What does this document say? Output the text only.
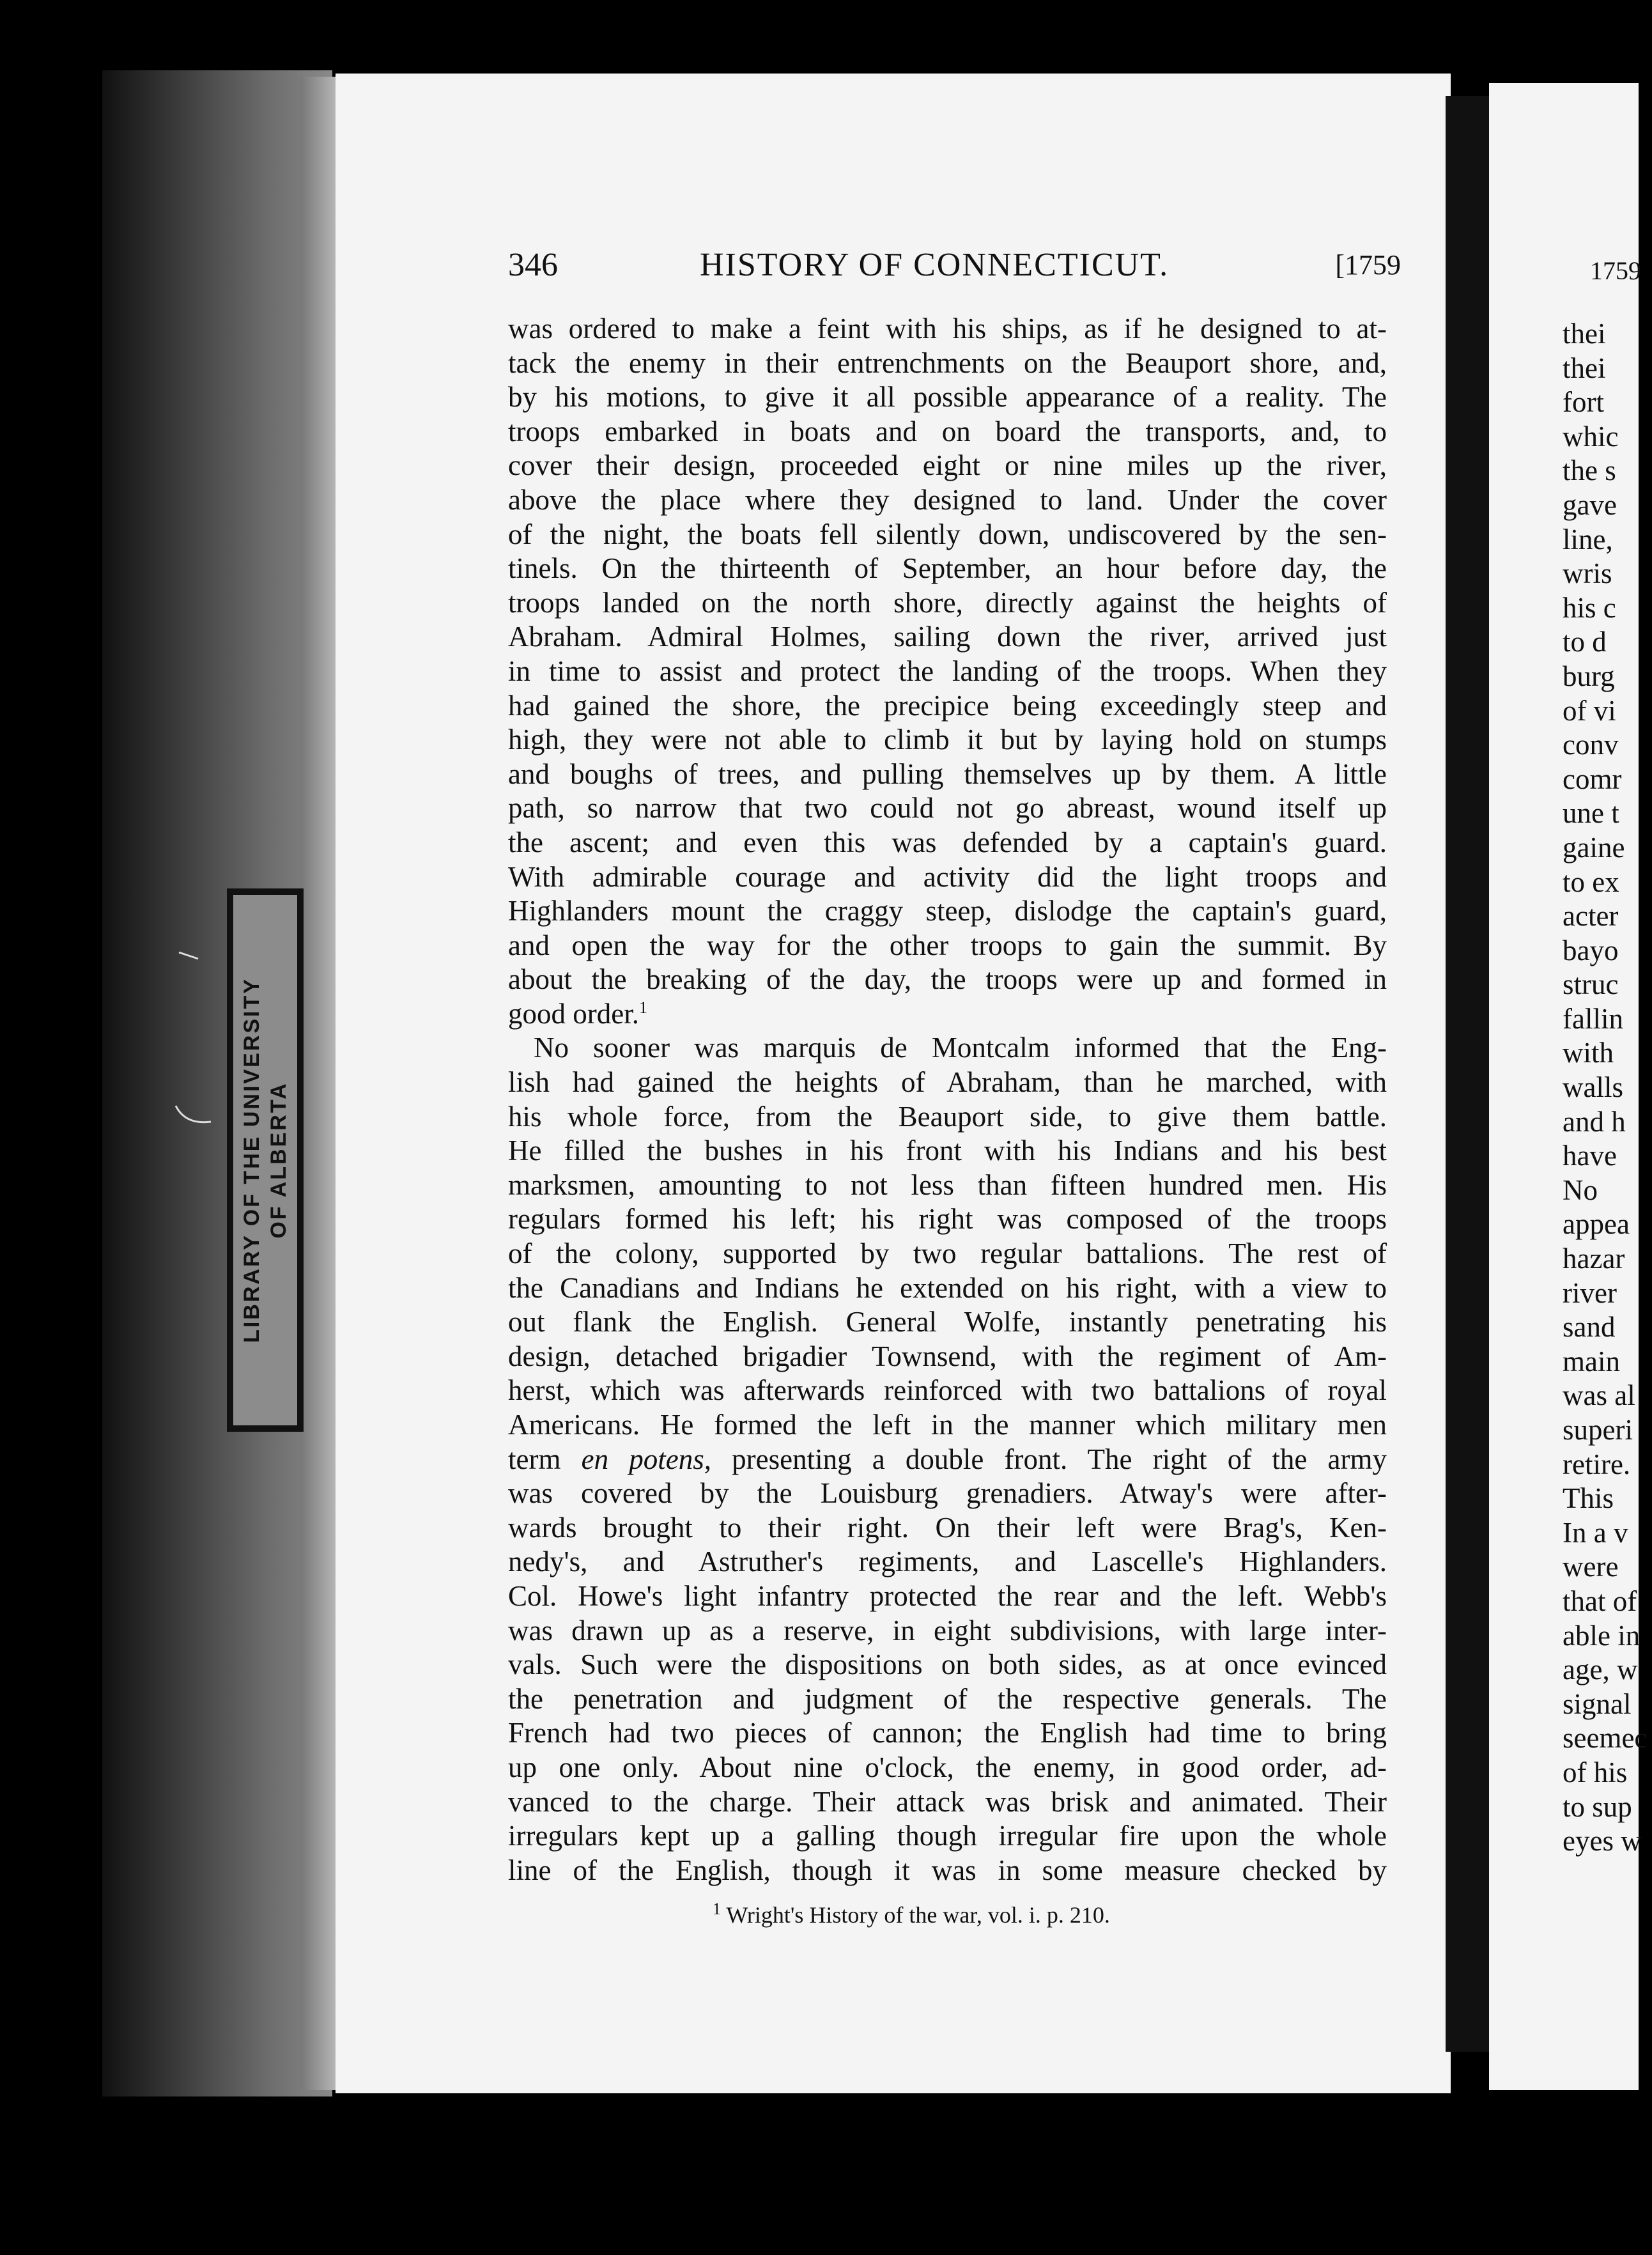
LIBRARY OF THE UNIVERSITY OF ALBERTA
346	HISTORY OF CONNECTICUT.	[1759
was ordered to make a feint with his ships, as if he designed to at-
tack the enemy in their entrenchments on the Beauport shore, and,
by his motions, to give it all possible appearance of a reality. The
troops embarked in boats and on board the transports, and, to
cover their design, proceeded eight or nine miles up the river,
above the place where they designed to land. Under the cover
of the night, the boats fell silently down, undiscovered by the sen-
tinels. On the thirteenth of September, an hour before day, the
troops landed on the north shore, directly against the heights of
Abraham. Admiral Holmes, sailing down the river, arrived just
in time to assist and protect the landing of the troops. When they
had gained the shore, the precipice being exceedingly steep and
high, they were not able to climb it but by laying hold on stumps
and boughs of trees, and pulling themselves up by them. A little
path, so narrow that two could not go abreast, wound itself up
the ascent; and even this was defended by a captain's guard.
With admirable courage and activity did the light troops and
Highlanders mount the craggy steep, dislodge the captain's guard,
and open the way for the other troops to gain the summit. By
about the breaking of the day, the troops were up and formed in
good order.$^1$
No sooner was marquis de Montcalm informed that the Eng-
lish had gained the heights of Abraham, than he marched, with
his whole force, from the Beauport side, to give them battle.
He filled the bushes in his front with his Indians and his best
marksmen, amounting to not less than fifteen hundred men. His
regulars formed his left; his right was composed of the troops
of the colony, supported by two regular battalions. The rest of
the Canadians and Indians he extended on his right, with a view to
out flank the English. General Wolfe, instantly penetrating his
design, detached brigadier Townsend, with the regiment of Am-
herst, which was afterwards reinforced with two battalions of royal
Americans. He formed the left in the manner which military men
term en potens, presenting a double front. The right of the army
was covered by the Louisburg grenadiers. Atway's were after-
wards brought to their right. On their left were Brag's, Ken-
nedy's, and Astruther's regiments, and Lascelle's Highlanders.
Col. Howe's light infantry protected the rear and the left. Webb's
was drawn up as a reserve, in eight subdivisions, with large inter-
vals. Such were the dispositions on both sides, as at once evinced
the penetration and judgment of the respective generals. The
French had two pieces of cannon; the English had time to bring
up one only. About nine o'clock, the enemy, in good order, ad-
vanced to the charge. Their attack was brisk and animated. Their
irregulars kept up a galling though irregular fire upon the whole
line of the English, though it was in some measure checked by
$^1$ Wright's History of the war, vol. i. p. 210.
1759
thei
thei
fort
whic
the s
gave
line,
wris
his c
to d
burg
of vi
conv
comr
une t
gaine
to ex
acter
bayo
struc
fallin
with
walls
and h
have
No
appea
hazar
river
sand
main
was al
superi
retire.
This
In a v
were
that of
able in
age, w
signal
seemec
of his
to sup
eyes w
